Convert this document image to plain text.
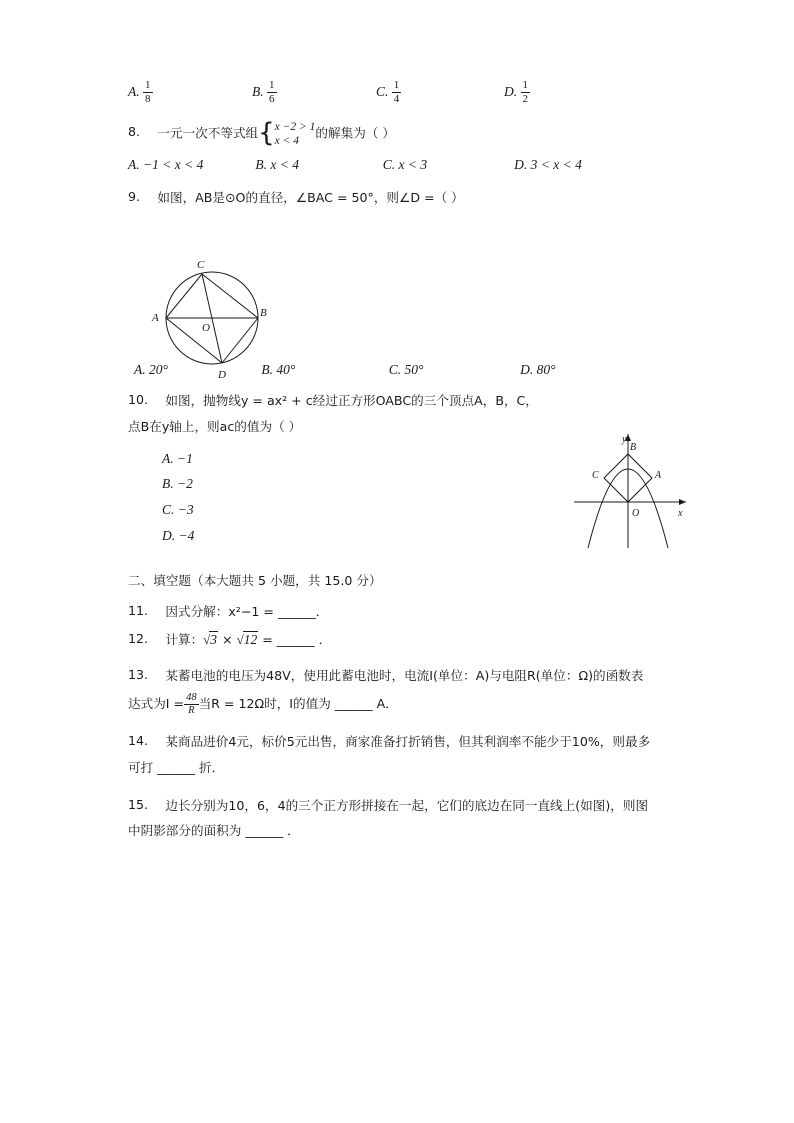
A. $\frac{1}{8}$	B. $\frac{1}{6}$	C. $\frac{1}{4}$	D. $\frac{1}{2}$
8. 一元一次不等式组{ x −2 > 1
x < 4
的解集为（ ）
A. −1 < x < 4	B. x < 4	C. x < 3	D. 3 < x < 4
9. 如图，AB是⊙O的直径，∠BAC = 50°，则∠D =（ ）
A. 20°	B. 40°	C. 50°	D. 80°
10. 如图，抛物线y = ax² + c经过正方形OABC的三个顶点A，B，C，
点B在y轴上，则ac的值为（ ）
A. −1
B. −2
C. −3
D. −4
二、填空题（本大题共 5 小题，共 15.0 分）
11. 因式分解：x²−1 = ______．
12. 计算：√3 × √12 = ______ ．
13. 某蓄电池的电压为48V，使用此蓄电池时，电流I(单位：A)与电阻R(单位：Ω)的函数表
达式为$I = \frac{48}{R}$ 当R = 12Ω时，I的值为 ______ A．
14. 某商品进价4元，标价5元出售，商家准备打折销售，但其利润率不能少于10%，则最多
可打 ______ 折．
15. 边长分别为10，6，4的三个正方形拼接在一起，它们的底边在同一直线上(如图)，则图
中阴影部分的面积为 ______ ．
C
A	B
O
D
y
x
O
A
B
C
